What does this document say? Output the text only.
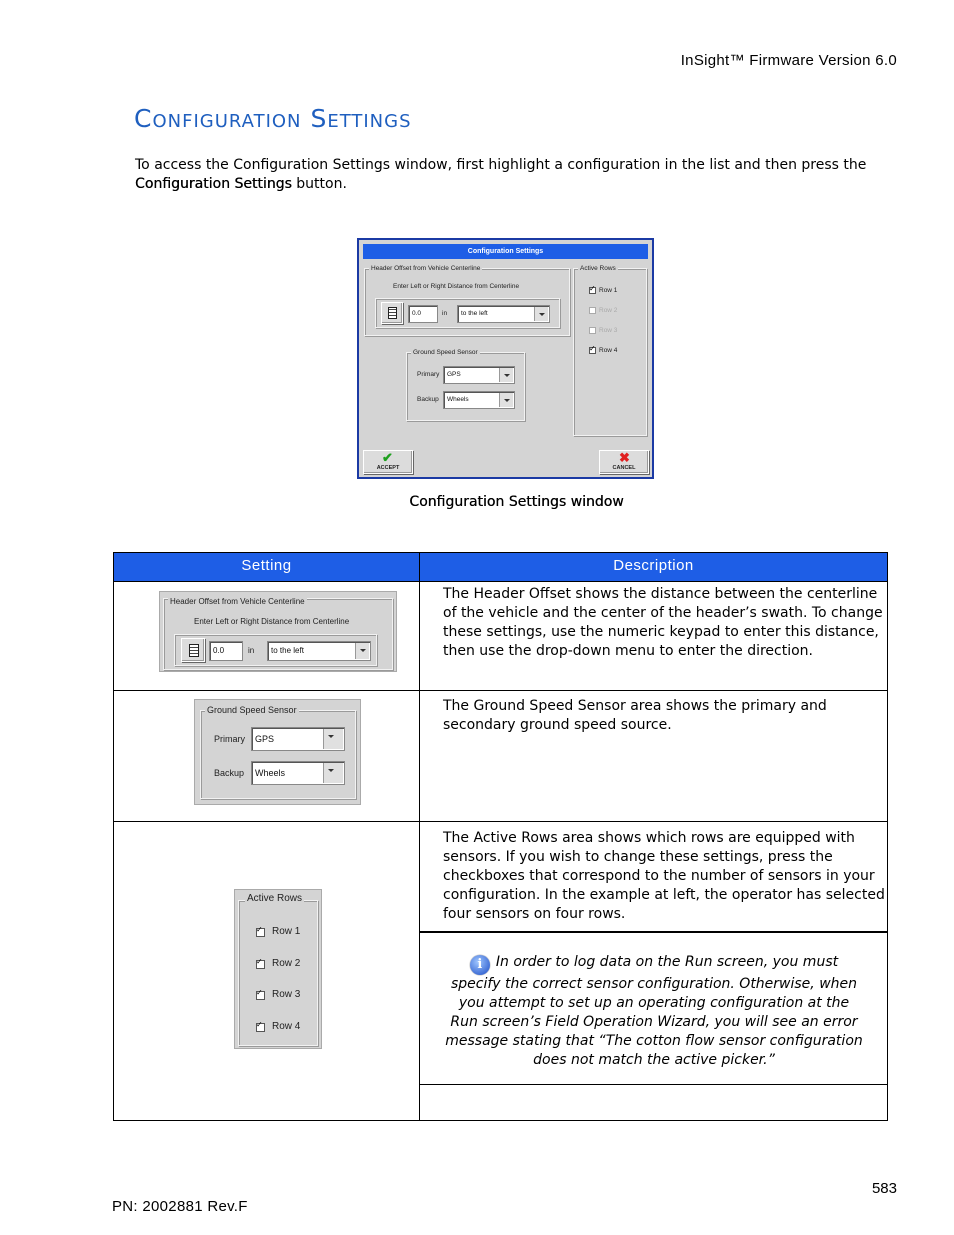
InSight™ Firmware Version 6.0
Configuration Settings
To access the Configuration Settings window, first highlight a configuration in the list and then press the Configuration Settings button.
Configuration Settings
Header Offset from Vehicle Centerline
Enter Left or Right Distance from Centerline
0.0	in	to the left
Active Rows
✓
Row 1
Row 2
Row 3
✓
Row 4
Ground Speed Sensor
Primary	GPS
Backup	Wheels
✔
ACCEPT
✖
CANCEL
Configuration Settings window
Setting	Description
Header Offset from Vehicle Centerline
Enter Left or Right Distance from Centerline
0.0	in	to the left
The Header Offset shows the distance between the centerline of the vehicle and the center of the header’s swath. To change these settings, use the numeric keypad to enter this distance, then use the drop-down menu to enter the direction.
Ground Speed Sensor
Primary	GPS
Backup	Wheels
The Ground Speed Sensor area shows the primary and secondary ground speed source.
Active Rows
✓
Row 1
✓
Row 2
✓
Row 3
✓
Row 4
The Active Rows area shows which rows are equipped with sensors. If you wish to change these settings, press the checkboxes that correspond to the number of sensors in your configuration. In the example at left, the operator has selected four sensors on four rows.
i In order to log data on the Run screen, you must specify the correct sensor configuration. Otherwise, when you attempt to set up an operating configuration at the Run screen’s Field Operation Wizard, you will see an error message stating that “The cotton flow sensor configuration does not match the active picker.”
583
PN: 2002881 Rev.F
